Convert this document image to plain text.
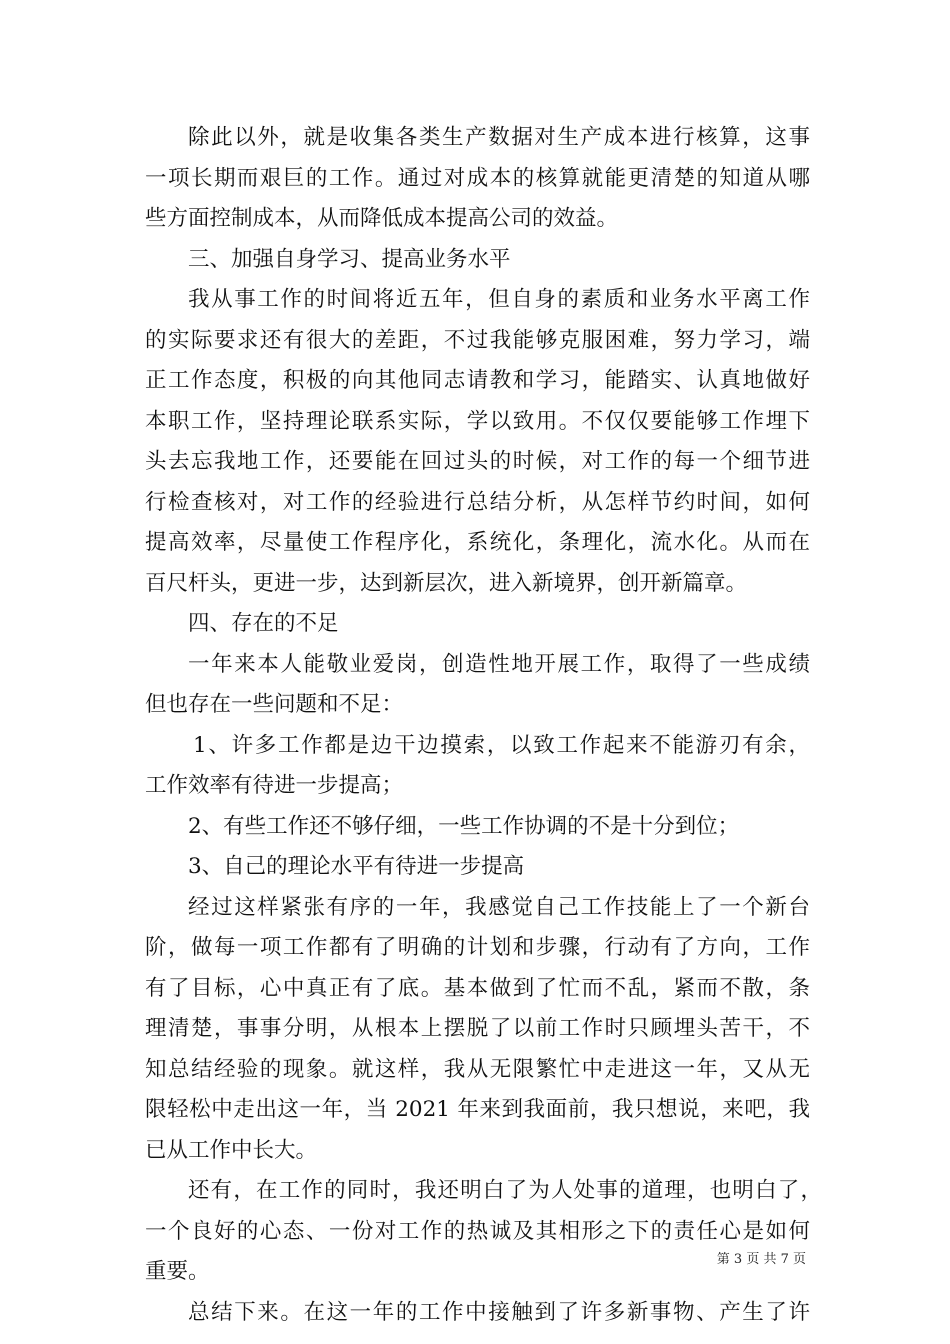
除此以外，就是收集各类生产数据对生产成本进行核算，这事
一项长期而艰巨的工作。通过对成本的核算就能更清楚的知道从哪
些方面控制成本，从而降低成本提高公司的效益。
三、加强自身学习、提高业务水平
我从事工作的时间将近五年，但自身的素质和业务水平离工作
的实际要求还有很大的差距，不过我能够克服困难，努力学习，端
正工作态度，积极的向其他同志请教和学习，能踏实、认真地做好
本职工作，坚持理论联系实际，学以致用。不仅仅要能够工作埋下
头去忘我地工作，还要能在回过头的时候，对工作的每一个细节进
行检查核对，对工作的经验进行总结分析，从怎样节约时间，如何
提高效率，尽量使工作程序化，系统化，条理化，流水化。从而在
百尺杆头，更进一步，达到新层次，进入新境界，创开新篇章。
四、存在的不足
一年来本人能敬业爱岗，创造性地开展工作，取得了一些成绩
但也存在一些问题和不足：
1、许多工作都是边干边摸索，以致工作起来不能游刃有余，
工作效率有待进一步提高；
2、有些工作还不够仔细，一些工作协调的不是十分到位；
3、自己的理论水平有待进一步提高
经过这样紧张有序的一年，我感觉自己工作技能上了一个新台
阶，做每一项工作都有了明确的计划和步骤，行动有了方向，工作
有了目标，心中真正有了底。基本做到了忙而不乱，紧而不散，条
理清楚，事事分明，从根本上摆脱了以前工作时只顾埋头苦干，不
知总结经验的现象。就这样，我从无限繁忙中走进这一年，又从无
限轻松中走出这一年，当 2021 年来到我面前，我只想说，来吧，我
已从工作中长大。
还有，在工作的同时，我还明白了为人处事的道理，也明白了，
一个良好的心态、一份对工作的热诚及其相形之下的责任心是如何
重要。
总结下来。在这一年的工作中接触到了许多新事物、产生了许
第 3 页 共 7 页
